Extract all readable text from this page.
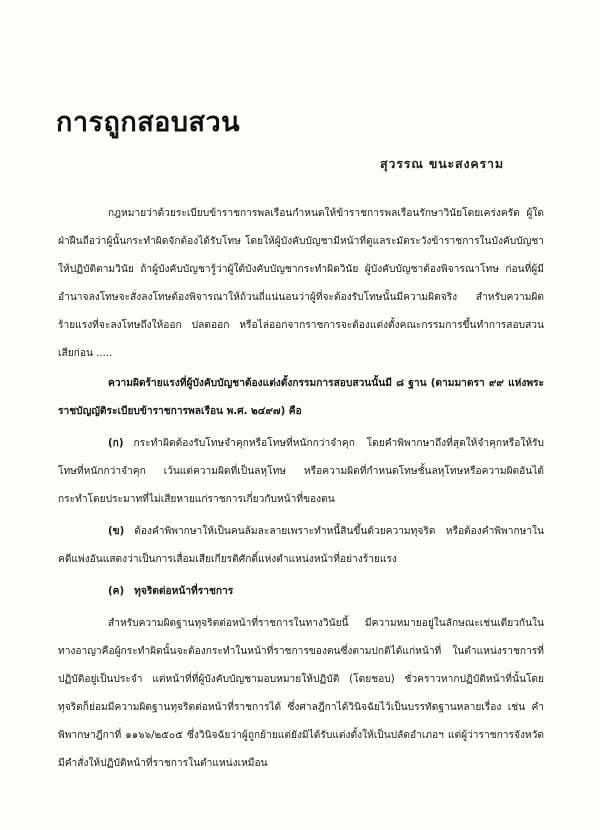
การถูกสอบสวน
สุวรรณ ขนะสงคราม

กฎหมายว่าด้วยระเบียบข้าราชการพลเรือนกำหนดให้ข้าราชการพลเรือนรักษาวินัยโดยเคร่งครัด ผู้ใดฝ่าฝืนถือว่าผู้นั้นกระทำผิดจักต้องได้รับโทษ โดยให้ผู้บังคับบัญชามีหน้าที่ดูแลระมัดระวังข้าราชการในบังคับบัญชาให้ปฏิบัติตามวินัย ถ้าผู้บังคับบัญชารู้ว่าผู้ใต้บังคับบัญชากระทำผิดวินัย ผู้บังคับบัญชาต้องพิจารณาโทษ ก่อนที่ผู้มีอำนาจลงโทษจะสั่งลงโทษต้องพิจารณาให้ถ้วนถี่แน่นอนว่าผู้ที่จะต้องรับโทษนั้นมีความผิดจริง สำหรับความผิดร้ายแรงที่จะลงโทษถึงให้ออก ปลดออก หรือไล่ออกจากราชการจะต้องแต่งตั้งคณะกรรมการขึ้นทำการสอบสวนเสียก่อน .....

ความผิดร้ายแรงที่ผู้บังคับบัญชาต้องแต่งตั้งกรรมการสอบสวนนั้นมี ๘ ฐาน (ตามมาตรา ๙๙ แห่งพระราชบัญญัติระเบียบข้าราชการพลเรือน พ.ศ. ๒๔๙๗) คือ

(ก) กระทำผิดต้องรับโทษจำคุกหรือโทษที่หนักกว่าจำคุก โดยคำพิพากษาถึงที่สุดให้จำคุกหรือให้รับโทษที่หนักกว่าจำคุก เว้นแต่ความผิดที่เป็นลหุโทษ หรือความผิดที่กำหนดโทษชั้นลหุโทษหรือความผิดอันได้กระทำโดยประมาทที่ไม่เสียหายแก่ราชการเกี่ยวกับหน้าที่ของตน

(ข) ต้องคำพิพากษาให้เป็นคนล้มละลายเพราะทำหนี้สินขึ้นด้วยความทุจริต หรือต้องคำพิพากษาในคดีแพ่งอันแสดงว่าเป็นการเสื่อมเสียเกียรติศักดิ์แห่งตำแหน่งหน้าที่อย่างร้ายแรง

(ค) ทุจริตต่อหน้าที่ราชการ

สำหรับความผิดฐานทุจริตต่อหน้าที่ราชการในทางวินัยนี้ มีความหมายอยู่ในลักษณะเช่นเดียวกันในทางอาญาคือผู้กระทำผิดนั้นจะต้องกระทำในหน้าที่ราชการของตนซึ่งตามปกติได้แก่หน้าที่ ในตำแหน่งราชการที่ปฏิบัติอยู่เป็นประจำ แต่หน้าที่ที่ผู้บังคับบัญชามอบหมายให้ปฏิบัติ (โดยชอบ) ชั่วคราวหากปฏิบัติหน้าที่นั้นโดยทุจริตก็ย่อมมีความผิดฐานทุจริตต่อหน้าที่ราชการได้ ซึ่งศาลฎีกาได้วินิจฉัยไว้เป็นบรรทัดฐานหลายเรื่อง เช่น คำพิพากษาฎีกาที่ ๑๑๖๖/๒๕๐๕ ซึ่งวินิจฉัยว่าผู้ถูกย้ายแต่ยังมิได้รับแต่งตั้งให้เป็นปลัดอำเภอฯ แต่ผู้ว่าราชการจังหวัดมีคำสั่งให้ปฏิบัติหน้าที่ราชการในตำแหน่งเหมือน
